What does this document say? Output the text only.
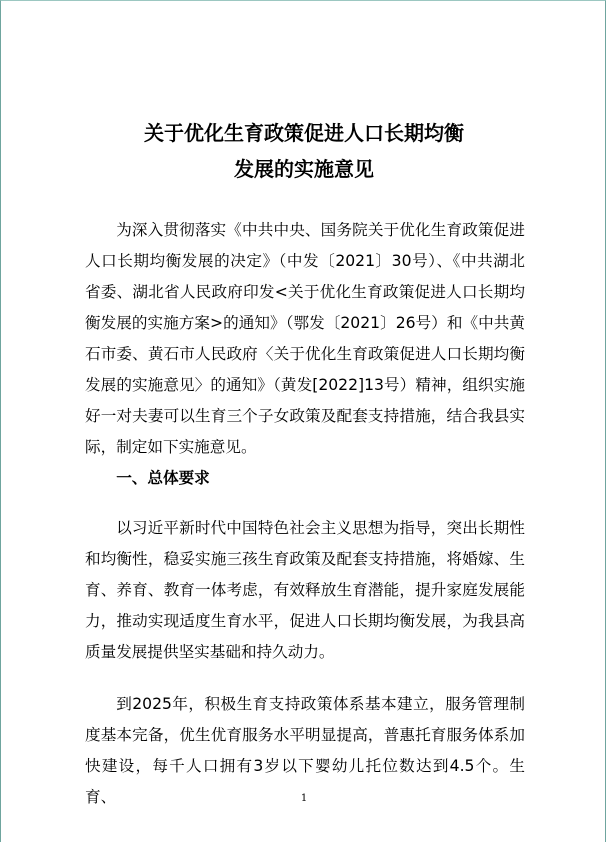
关于优化生育政策促进人口长期均衡
发展的实施意见

为深入贯彻落实《中共中央、国务院关于优化生育政策促进人口长期均衡发展的决定》（中发〔2021〕30号）、《中共湖北省委、湖北省人民政府印发<关于优化生育政策促进人口长期均衡发展的实施方案>的通知》（鄂发〔2021〕26号）和《中共黄石市委、黄石市人民政府〈关于优化生育政策促进人口长期均衡发展的实施意见〉的通知》（黄发[2022]13号）精神，组织实施好一对夫妻可以生育三个子女政策及配套支持措施，结合我县实际，制定如下实施意见。

一、总体要求

以习近平新时代中国特色社会主义思想为指导，突出长期性和均衡性，稳妥实施三孩生育政策及配套支持措施，将婚嫁、生育、养育、教育一体考虑，有效释放生育潜能，提升家庭发展能力，推动实现适度生育水平，促进人口长期均衡发展，为我县高质量发展提供坚实基础和持久动力。

到2025年，积极生育支持政策体系基本建立，服务管理制度基本完备，优生优育服务水平明显提高，普惠托育服务体系加快建设，每千人口拥有3岁以下婴幼儿托位数达到4.5个。生育、	1
